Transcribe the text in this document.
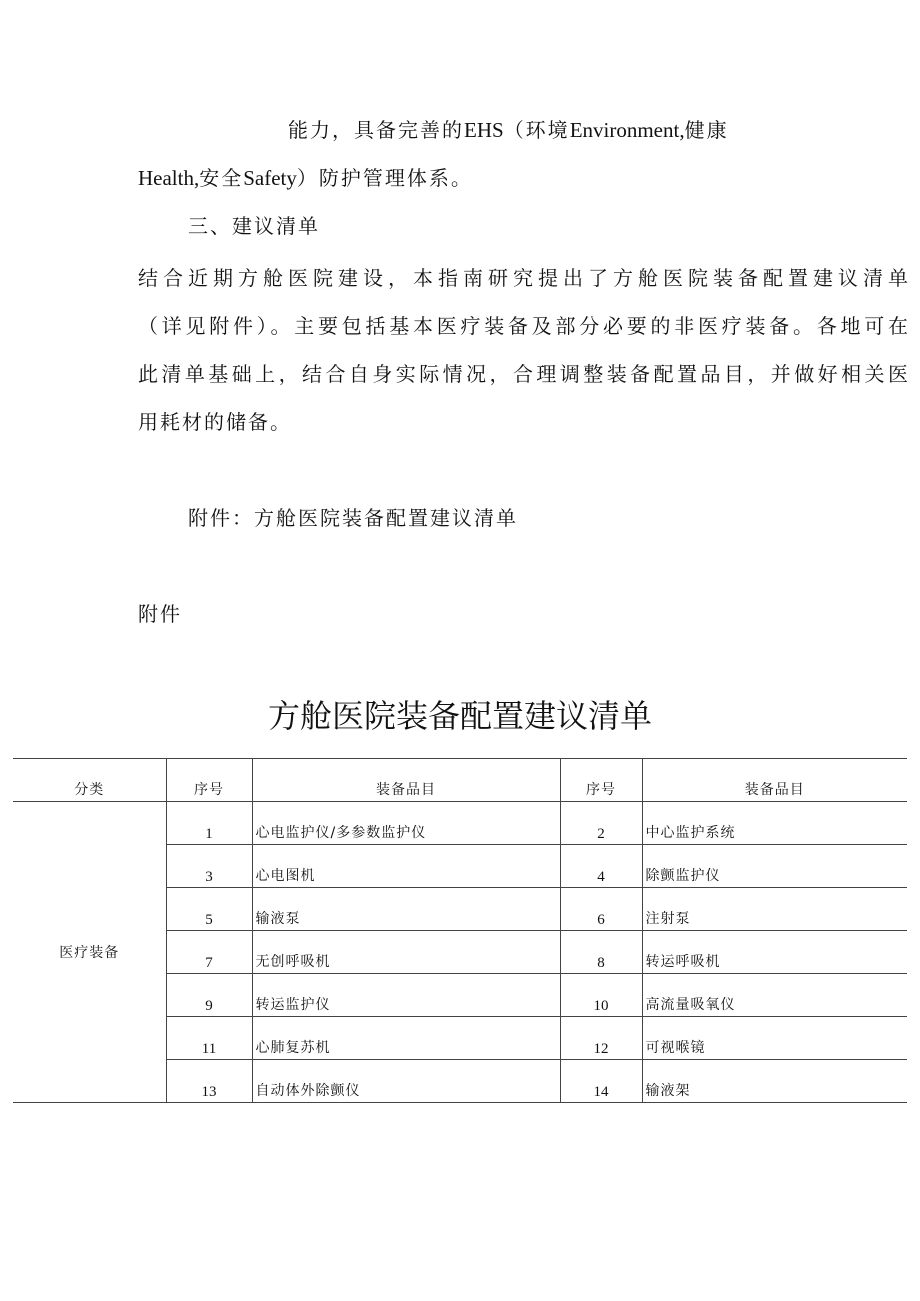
能力，具备完善的EHS（环境Environment,健康
Health,安全Safety）防护管理体系。
三、建议清单
结合近期方舱医院建设，本指南研究提出了方舱医院装备配置建议清单
（详见附件）。主要包括基本医疗装备及部分必要的非医疗装备。各地可在
此清单基础上，结合自身实际情况，合理调整装备配置品目，并做好相关医
用耗材的储备。
附件：方舱医院装备配置建议清单
附件
方舱医院装备配置建议清单
分类	序号	装备品目	序号	装备品目
医疗装备	1	心电监护仪/多参数监护仪	2	中心监护系统
	3	心电图机	4	除颤监护仪
	5	输液泵	6	注射泵
	7	无创呼吸机	8	转运呼吸机
	9	转运监护仪	10	高流量吸氧仪
	11	心肺复苏机	12	可视喉镜
	13	自动体外除颤仪	14	输液架
